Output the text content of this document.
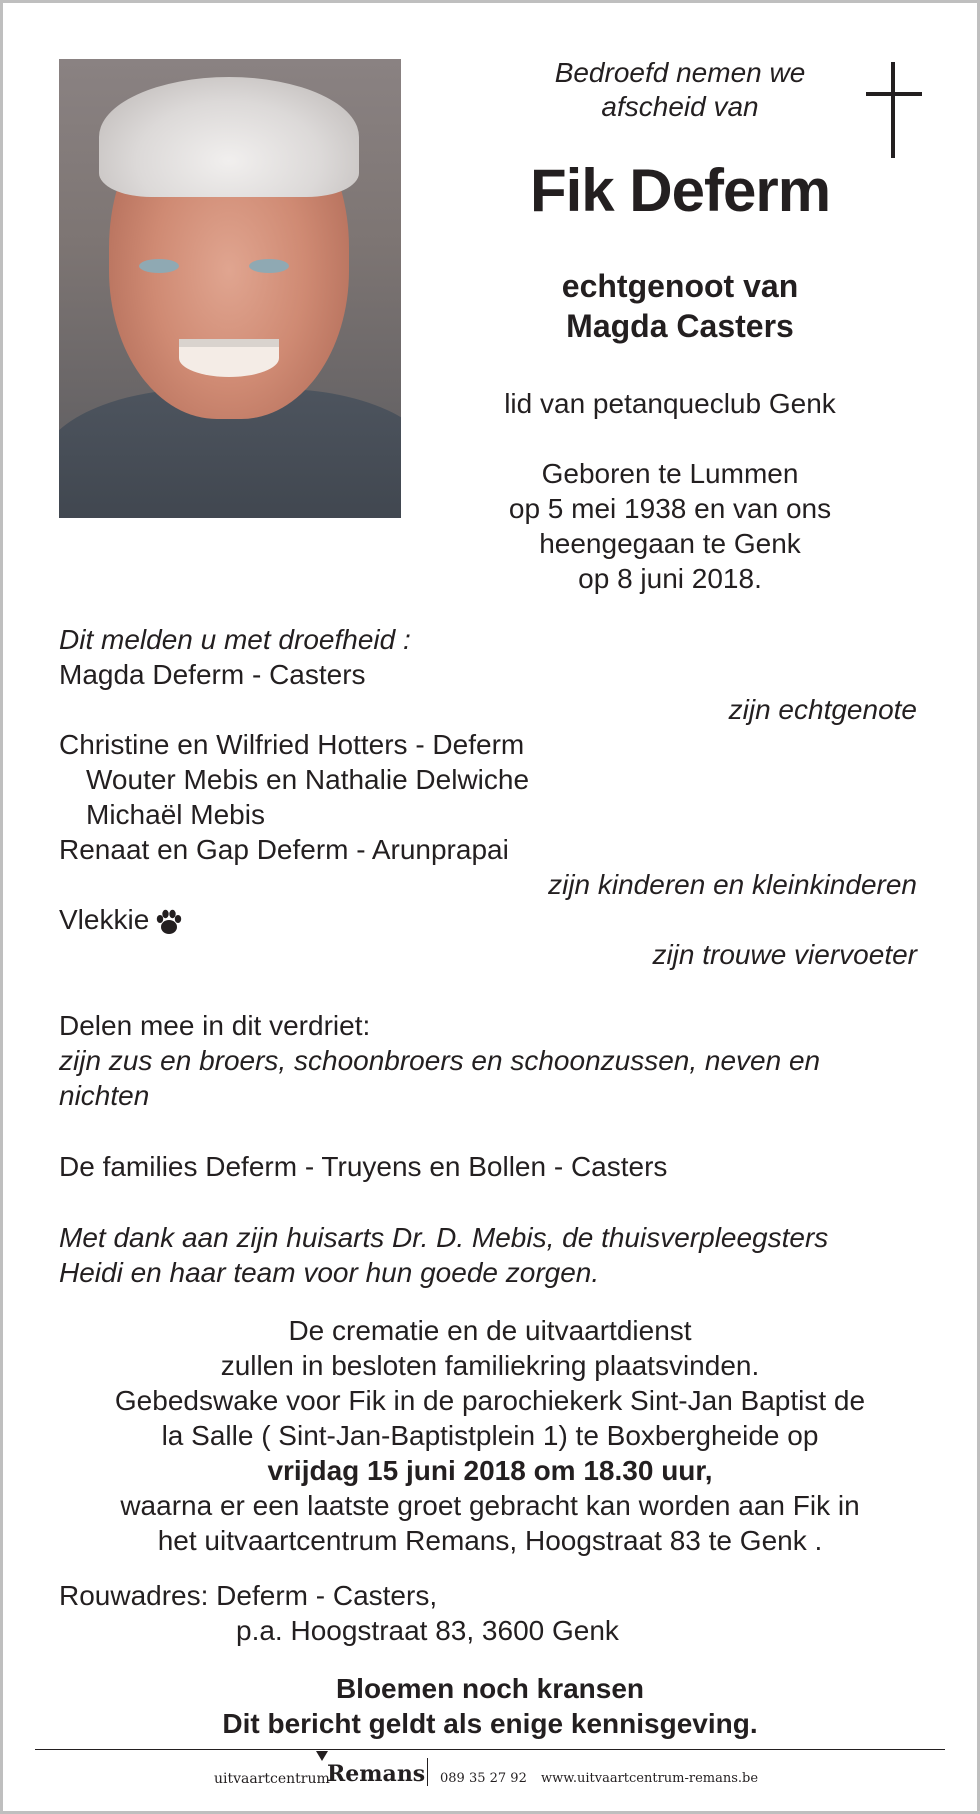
Bedroefd nemen we
afscheid van
Fik Deferm
echtgenoot van
Magda Casters
lid van petanqueclub Genk
Geboren te Lummen
op 5 mei 1938 en van ons
heengegaan te Genk
op 8 juni 2018.
Dit melden u met droefheid :
Magda Deferm - Casters
zijn echtgenote
Christine en Wilfried Hotters - Deferm
Wouter Mebis en Nathalie Delwiche
Michaël Mebis
Renaat en Gap Deferm - Arunprapai
zijn kinderen en kleinkinderen
Vlekkie
zijn trouwe viervoeter
Delen mee in dit verdriet:
zijn zus en broers, schoonbroers en schoonzussen, neven en
nichten
De families Deferm - Truyens en Bollen - Casters
Met dank aan zijn huisarts Dr. D. Mebis, de thuisverpleegsters
Heidi en haar team voor hun goede zorgen.
De crematie en de uitvaartdienst
zullen in besloten familiekring plaatsvinden.
Gebedswake voor Fik in de parochiekerk Sint-Jan Baptist de
la Salle ( Sint-Jan-Baptistplein 1) te Boxbergheide op
vrijdag 15 juni 2018 om 18.30 uur,
waarna er een laatste groet gebracht kan worden aan Fik in
het uitvaartcentrum Remans, Hoogstraat 83 te Genk .
Rouwadres: Deferm - Casters,
p.a. Hoogstraat 83, 3600 Genk
Bloemen noch kransen
Dit bericht geldt als enige kennisgeving.
uitvaartcentrum
Remans 089 35 27 92 www.uitvaartcentrum-remans.be
